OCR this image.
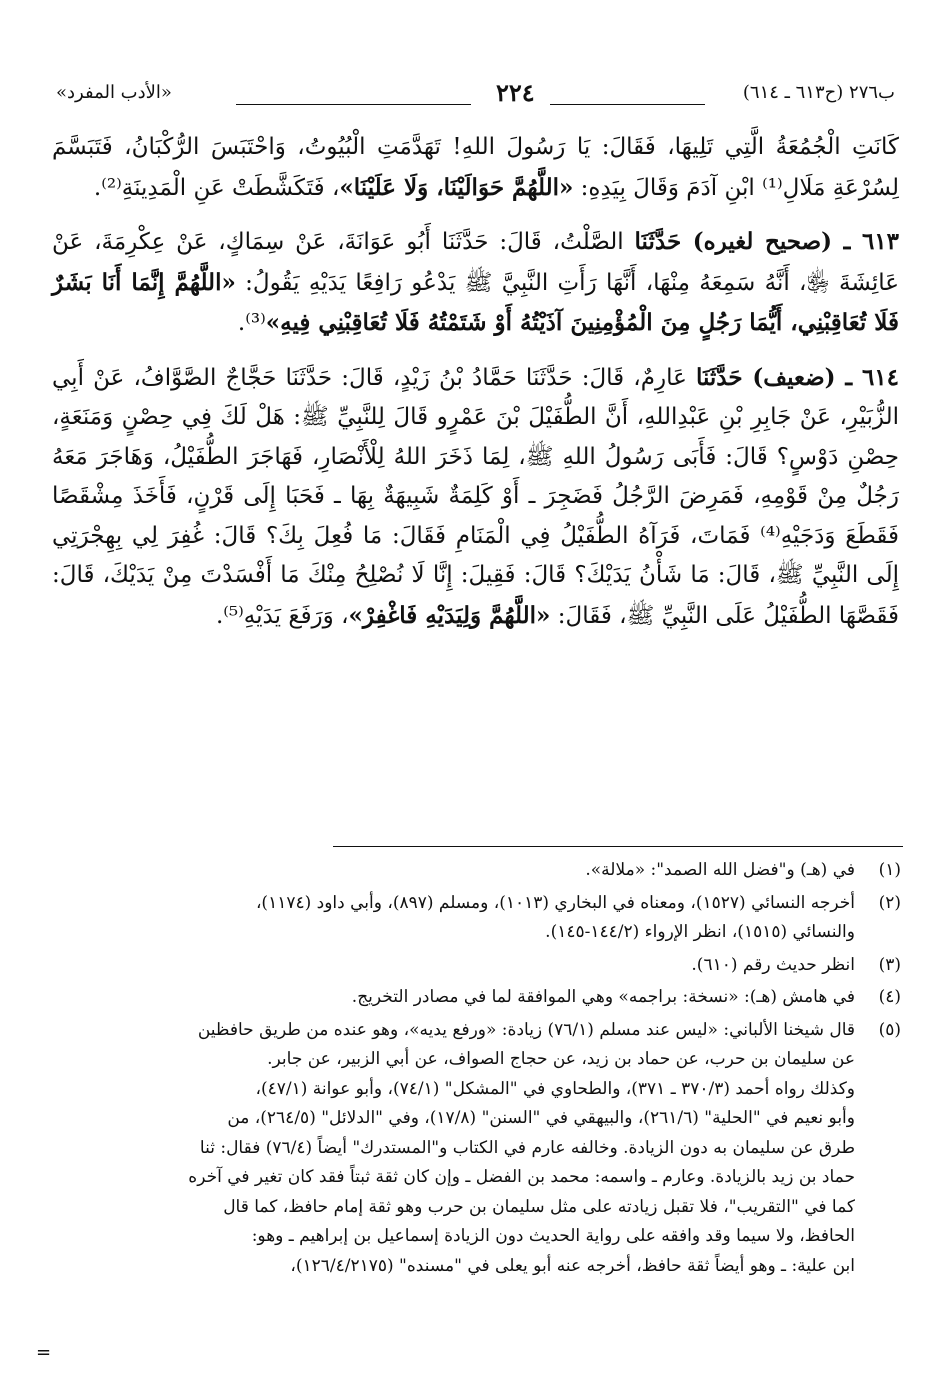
ب٢٧٦ (ح٦١٣ ـ ٦١٤)
٢٢٤
«الأدب المفرد»

كَانَتِ الْجُمُعَةُ الَّتِي تَلِيهَا، فَقَالَ: يَا رَسُولَ اللهِ! تَهَدَّمَتِ الْبُيُوتُ، وَاحْتَبَسَ الرُّكْبَانُ، فَتَبَسَّمَ لِسُرْعَةِ مَلَالِ⁽¹⁾ ابْنِ آدَمَ وَقَالَ بِيَدِهِ: «اللَّهُمَّ حَوَالَيْنَا، وَلَا عَلَيْنَا»، فَتَكَشَّطَتْ عَنِ الْمَدِينَةِ⁽²⁾.

٦١٣ ـ (صحيح لغيره) حَدَّثَنَا الصَّلْتُ، قَالَ: حَدَّثَنَا أَبُو عَوَانَةَ، عَنْ سِمَاكٍ، عَنْ عِكْرِمَةَ، عَنْ عَائِشَةَ ﵂، أَنَّهُ سَمِعَهُ مِنْهَا، أَنَّهَا رَأَتِ النَّبِيَّ ﷺ يَدْعُو رَافِعًا يَدَيْهِ يَقُولُ: «اللَّهُمَّ إِنَّمَا أَنَا بَشَرٌ فَلَا تُعَاقِبْنِي، أَيُّمَا رَجُلٍ مِنَ الْمُؤْمِنِينَ آذَيْتُهُ أَوْ شَتَمْتُهُ فَلَا تُعَاقِبْنِي فِيهِ»⁽³⁾.

٦١٤ ـ (ضعيف) حَدَّثَنَا عَارِمٌ، قَالَ: حَدَّثَنَا حَمَّادُ بْنُ زَيْدٍ، قَالَ: حَدَّثَنَا حَجَّاجٌ الصَّوَّافُ، عَنْ أَبِي الزُّبَيْرِ، عَنْ جَابِرِ بْنِ عَبْدِاللهِ، أَنَّ الطُّفَيْلَ بْنَ عَمْرٍو قَالَ لِلنَّبِيِّ ﷺ: هَلْ لَكَ فِي حِصْنٍ وَمَنَعَةٍ، حِصْنِ دَوْسٍ؟ قَالَ: فَأَبَى رَسُولُ اللهِ ﷺ، لِمَا ذَخَرَ اللهُ لِلْأَنْصَارِ، فَهَاجَرَ الطُّفَيْلُ، وَهَاجَرَ مَعَهُ رَجُلٌ مِنْ قَوْمِهِ، فَمَرِضَ الرَّجُلُ فَضَجِرَ ـ أَوْ كَلِمَةٌ شَبِيهَةٌ بِهَا ـ فَحَبَا إِلَى قَرْنٍ، فَأَخَذَ مِشْقَصًا فَقَطَعَ وَدَجَيْهِ⁽⁴⁾ فَمَاتَ، فَرَآهُ الطُّفَيْلُ فِي الْمَنَامِ فَقَالَ: مَا فُعِلَ بِكَ؟ قَالَ: غُفِرَ لِي بِهِجْرَتِي إِلَى النَّبِيِّ ﷺ، قَالَ: مَا شَأْنُ يَدَيْكَ؟ قَالَ: فَقِيلَ: إِنَّا لَا نُصْلِحُ مِنْكَ مَا أَفْسَدْتَ مِنْ يَدَيْكَ، قَالَ: فَقَصَّهَا الطُّفَيْلُ عَلَى النَّبِيِّ ﷺ، فَقَالَ: «اللَّهُمَّ وَلِيَدَيْهِ فَاغْفِرْ»، وَرَفَعَ يَدَيْهِ⁽⁵⁾.

(١)
في (هـ) و"فضل الله الصمد": «ملالة».
(٢)
أخرجه النسائي (١٥٢٧)، ومعناه في البخاري (١٠١٣)، ومسلم (٨٩٧)، وأبي داود (١١٧٤)،
والنسائي (١٥١٥)، انظر الإرواء (١٤٤/٢-١٤٥).
(٣)
انظر حديث رقم (٦١٠).
(٤)
في هامش (هـ): «نسخة: براجمه» وهي الموافقة لما في مصادر التخريج.
(٥)
قال شيخنا الألباني: «ليس عند مسلم (٧٦/١) زيادة: «ورفع يديه»، وهو عنده من طريق حافظين
عن سليمان بن حرب، عن حماد بن زيد، عن حجاج الصواف، عن أبي الزبير، عن جابر.
وكذلك رواه أحمد (٣٧٠/٣ ـ ٣٧١)، والطحاوي في "المشكل" (٧٤/١)، وأبو عوانة (٤٧/١)،
وأبو نعيم في "الحلية" (٢٦١/٦)، والبيهقي في "السنن" (١٧/٨)، وفي "الدلائل" (٢٦٤/٥)، من
طرق عن سليمان به دون الزيادة. وخالفه عارم في الكتاب و"المستدرك" أيضاً (٧٦/٤) فقال: ثنا
حماد بن زيد بالزيادة. وعارم ـ واسمه: محمد بن الفضل ـ وإن كان ثقة ثبتاً فقد كان تغير في آخره
كما في "التقريب"، فلا تقبل زيادته على مثل سليمان بن حرب وهو ثقة إمام حافظ، كما قال
الحافظ، ولا سيما وقد وافقه على رواية الحديث دون الزيادة إسماعيل بن إبراهيم ـ وهو:
ابن علية: ـ وهو أيضاً ثقة حافظ، أخرجه عنه أبو يعلى في "مسنده" (١٢٦/٤/٢١٧٥)،
=
